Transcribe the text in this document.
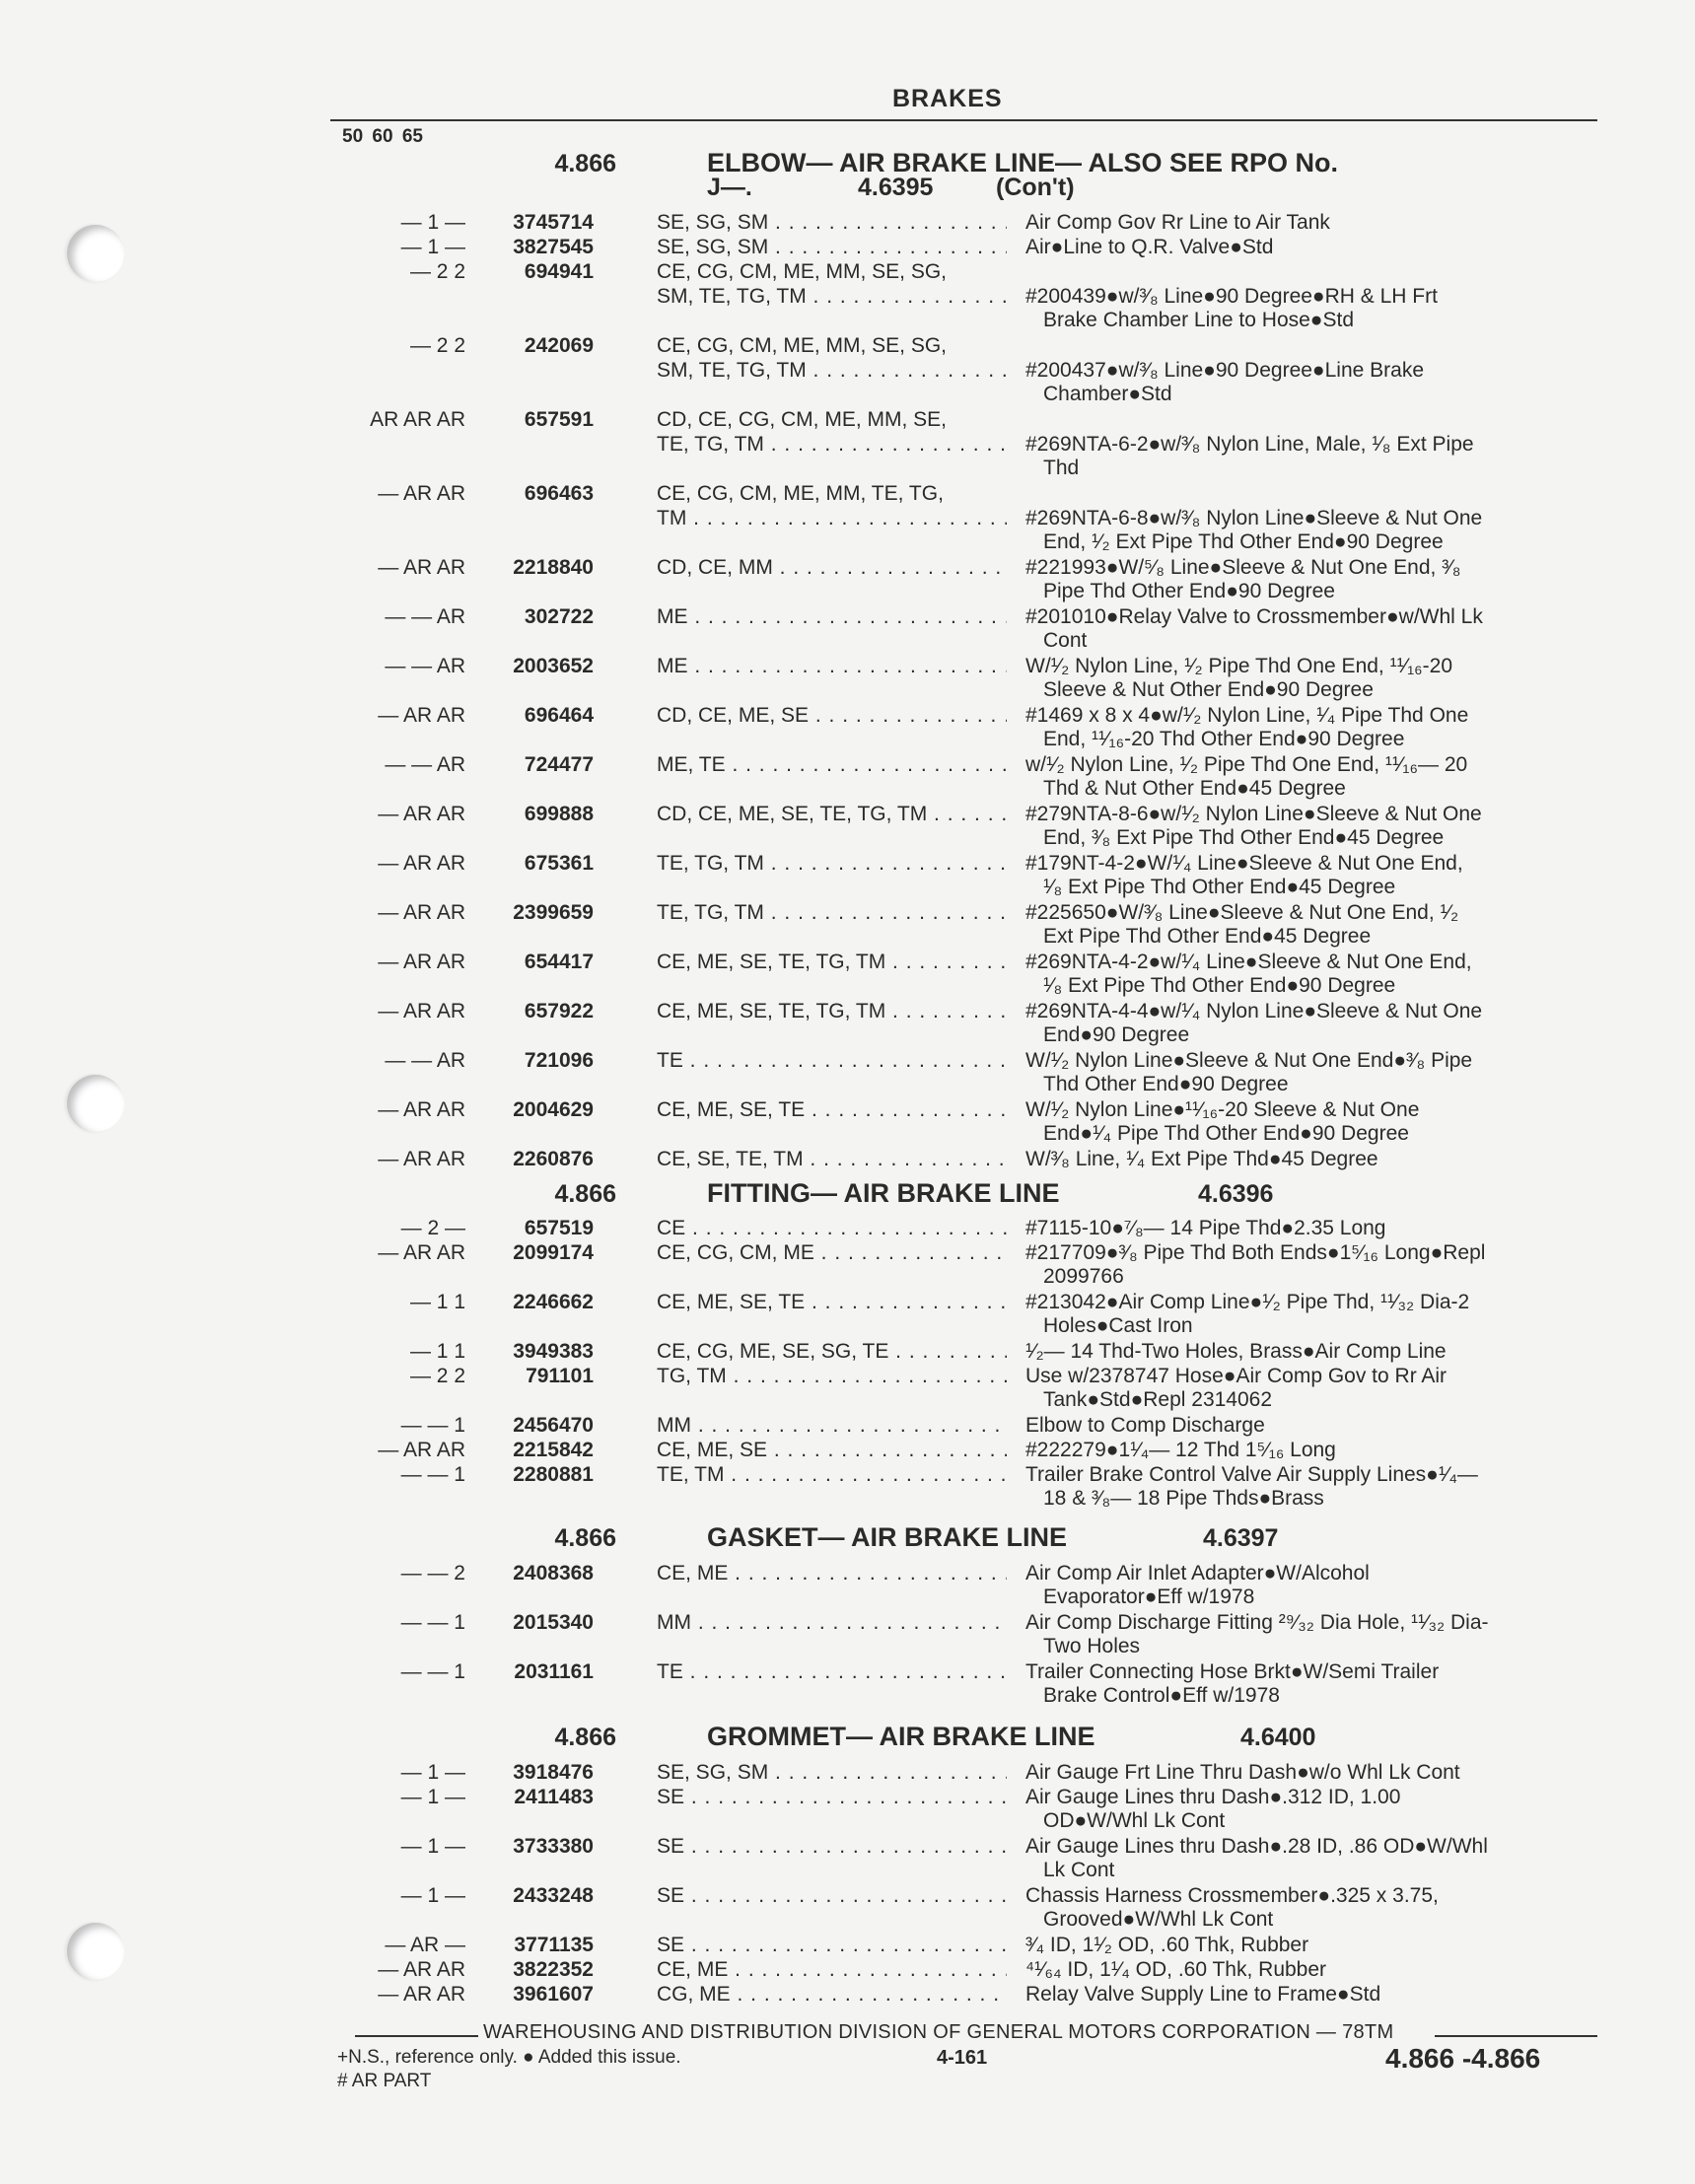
BRAKES
50 60 65
4.866	ELBOW— AIR BRAKE LINE— ALSO SEE RPO No.
J—.	4.6395	(Con't)
— 1 —	3745714	SE, SG, SM . . .	Air Comp Gov Rr Line to Air Tank
— 1 —	3827545	SE, SG, SM . . .	Air●Line to Q.R. Valve●Std
— 2 2	694941	CE, CG, CM, ME, MM, SE, SG,
SM, TE, TG, TM . . .	#200439●w/³⁄₈ Line●90 Degree●RH & LH Frt
Brake Chamber Line to Hose●Std
— 2 2	242069	CE, CG, CM, ME, MM, SE, SG,
SM, TE, TG, TM . . .	#200437●w/³⁄₈ Line●90 Degree●Line Brake
Chamber●Std
AR AR AR	657591	CD, CE, CG, CM, ME, MM, SE,
TE, TG, TM . . .	#269NTA-6-2●w/³⁄₈ Nylon Line, Male, ¹⁄₈ Ext Pipe
Thd
— AR AR	696463	CE, CG, CM, ME, MM, TE, TG,
TM . . .	#269NTA-6-8●w/³⁄₈ Nylon Line●Sleeve & Nut One
End, ¹⁄₂ Ext Pipe Thd Other End●90 Degree
— AR AR	2218840	CD, CE, MM . . .	#221993●W/⁵⁄₈ Line●Sleeve & Nut One End, ³⁄₈
Pipe Thd Other End●90 Degree
— — AR	302722	ME . . .	#201010●Relay Valve to Crossmember●w/Whl Lk
Cont
— — AR	2003652	ME . . .	W/¹⁄₂ Nylon Line, ¹⁄₂ Pipe Thd One End, ¹¹⁄₁₆-20
Sleeve & Nut Other End●90 Degree
— AR AR	696464	CD, CE, ME, SE . . .	#1469 x 8 x 4●w/¹⁄₂ Nylon Line, ¹⁄₄ Pipe Thd One
End, ¹¹⁄₁₆-20 Thd Other End●90 Degree
— — AR	724477	ME, TE . . .	w/¹⁄₂ Nylon Line, ¹⁄₂ Pipe Thd One End, ¹¹⁄₁₆— 20
Thd & Nut Other End●45 Degree
— AR AR	699888	CD, CE, ME, SE, TE, TG, TM . . .	#279NTA-8-6●w/¹⁄₂ Nylon Line●Sleeve & Nut One
End, ³⁄₈ Ext Pipe Thd Other End●45 Degree
— AR AR	675361	TE, TG, TM . . .	#179NT-4-2●W/¹⁄₄ Line●Sleeve & Nut One End,
¹⁄₈ Ext Pipe Thd Other End●45 Degree
— AR AR	2399659	TE, TG, TM . . .	#225650●W/³⁄₈ Line●Sleeve & Nut One End, ¹⁄₂
Ext Pipe Thd Other End●45 Degree
— AR AR	654417	CE, ME, SE, TE, TG, TM . . .	#269NTA-4-2●w/¹⁄₄ Line●Sleeve & Nut One End,
¹⁄₈ Ext Pipe Thd Other End●90 Degree
— AR AR	657922	CE, ME, SE, TE, TG, TM . . .	#269NTA-4-4●w/¹⁄₄ Nylon Line●Sleeve & Nut One
End●90 Degree
— — AR	721096	TE . . .	W/¹⁄₂ Nylon Line●Sleeve & Nut One End●³⁄₈ Pipe
Thd Other End●90 Degree
— AR AR	2004629	CE, ME, SE, TE . . .	W/¹⁄₂ Nylon Line●¹¹⁄₁₆-20 Sleeve & Nut One
End●¹⁄₄ Pipe Thd Other End●90 Degree
— AR AR	2260876	CE, SE, TE, TM . . .	W/³⁄₈ Line, ¹⁄₄ Ext Pipe Thd●45 Degree
4.866	FITTING— AIR BRAKE LINE	4.6396
— 2 —	657519	CE . . .	#7115-10●⁷⁄₈— 14 Pipe Thd●2.35 Long
— AR AR	2099174	CE, CG, CM, ME . . .	#217709●³⁄₈ Pipe Thd Both Ends●1⁵⁄₁₆ Long●Repl
2099766
— 1 1	2246662	CE, ME, SE, TE . . .	#213042●Air Comp Line●¹⁄₂ Pipe Thd, ¹¹⁄₃₂ Dia-2
Holes●Cast Iron
— 1 1	3949383	CE, CG, ME, SE, SG, TE . . .	¹⁄₂— 14 Thd-Two Holes, Brass●Air Comp Line
— 2 2	791101	TG, TM . . .	Use w/2378747 Hose●Air Comp Gov to Rr Air
Tank●Std●Repl 2314062
— — 1	2456470	MM . . .	Elbow to Comp Discharge
— AR AR	2215842	CE, ME, SE . . .	#222279●1¹⁄₄— 12 Thd 1⁵⁄₁₆ Long
— — 1	2280881	TE, TM . . .	Trailer Brake Control Valve Air Supply Lines●¹⁄₄—
18 & ³⁄₈— 18 Pipe Thds●Brass
4.866	GASKET— AIR BRAKE LINE	4.6397
— — 2	2408368	CE, ME . . .	Air Comp Air Inlet Adapter●W/Alcohol
Evaporator●Eff w/1978
— — 1	2015340	MM . . .	Air Comp Discharge Fitting ²⁹⁄₃₂ Dia Hole, ¹¹⁄₃₂ Dia-
Two Holes
— — 1	2031161	TE . . .	Trailer Connecting Hose Brkt●W/Semi Trailer
Brake Control●Eff w/1978
4.866	GROMMET— AIR BRAKE LINE	4.6400
— 1 —	3918476	SE, SG, SM . . .	Air Gauge Frt Line Thru Dash●w/o Whl Lk Cont
— 1 —	2411483	SE . . .	Air Gauge Lines thru Dash●.312 ID, 1.00
OD●W/Whl Lk Cont
— 1 —	3733380	SE . . .	Air Gauge Lines thru Dash●.28 ID, .86 OD●W/Whl
Lk Cont
— 1 —	2433248	SE . . .	Chassis Harness Crossmember●.325 x 3.75,
Grooved●W/Whl Lk Cont
— AR —	3771135	SE . . .	³⁄₄ ID, 1¹⁄₂ OD, .60 Thk, Rubber
— AR AR	3822352	CE, ME . . .	⁴¹⁄₆₄ ID, 1¹⁄₄ OD, .60 Thk, Rubber
— AR AR	3961607	CG, ME . . .	Relay Valve Supply Line to Frame●Std
WAREHOUSING AND DISTRIBUTION DIVISION OF GENERAL MOTORS CORPORATION — 78TM
+N.S., reference only. ● Added this issue.
# AR PART
4-161	4.866 -4.866
